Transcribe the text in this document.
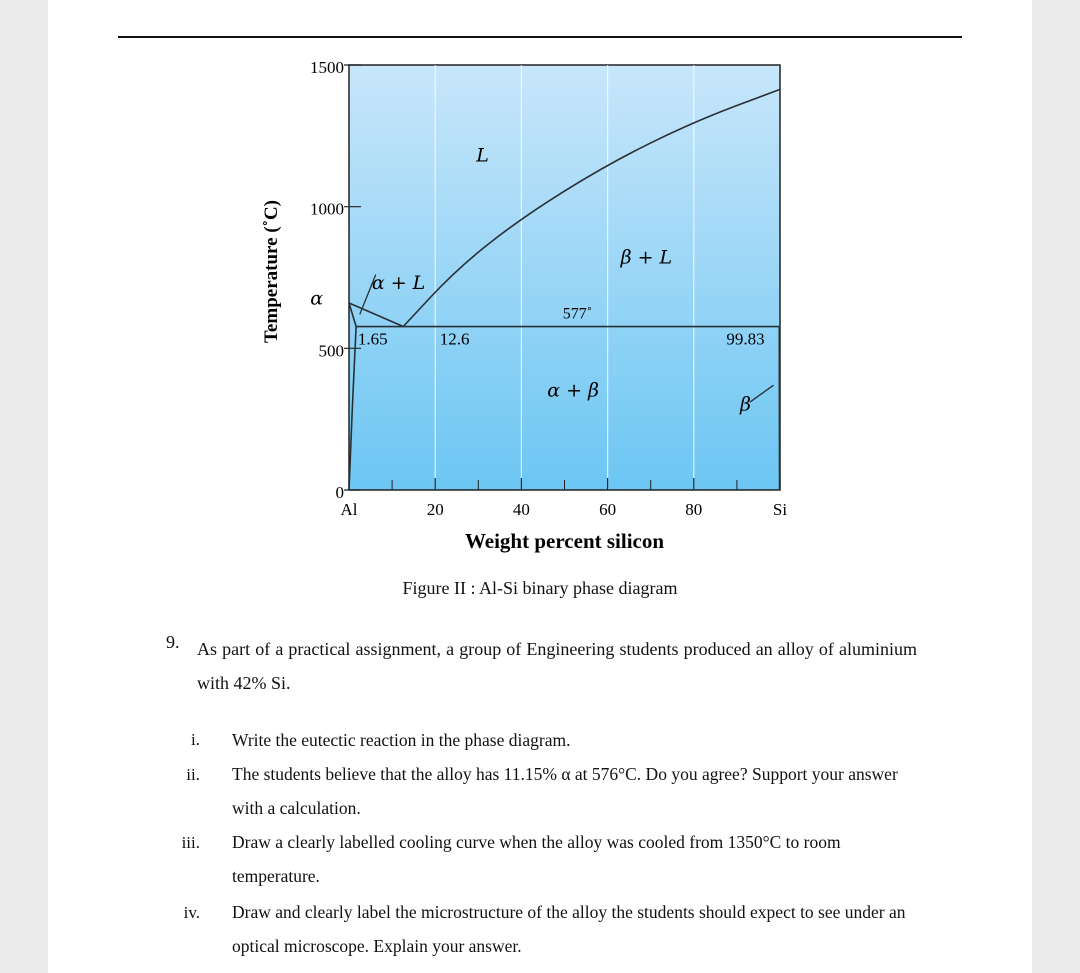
Al	20	40	60	80	Si
0
500
1000
1500
L
α + L
β + L
α + β
α
β
1.65	12.6	99.83
577˚
Weight percent silicon
Temperature (˚C)
Figure II : Al-Si binary phase diagram
9. As part of a practical assignment, a group of Engineering students produced an alloy of aluminium with 42% Si.
i. Write the eutectic reaction in the phase diagram.
ii. The students believe that the alloy has 11.15% α at 576°C. Do you agree? Support your answer with a calculation.
iii. Draw a clearly labelled cooling curve when the alloy was cooled from 1350°C to room temperature.
iv. Draw and clearly label the microstructure of the alloy the students should expect to see under an optical microscope. Explain your answer.
